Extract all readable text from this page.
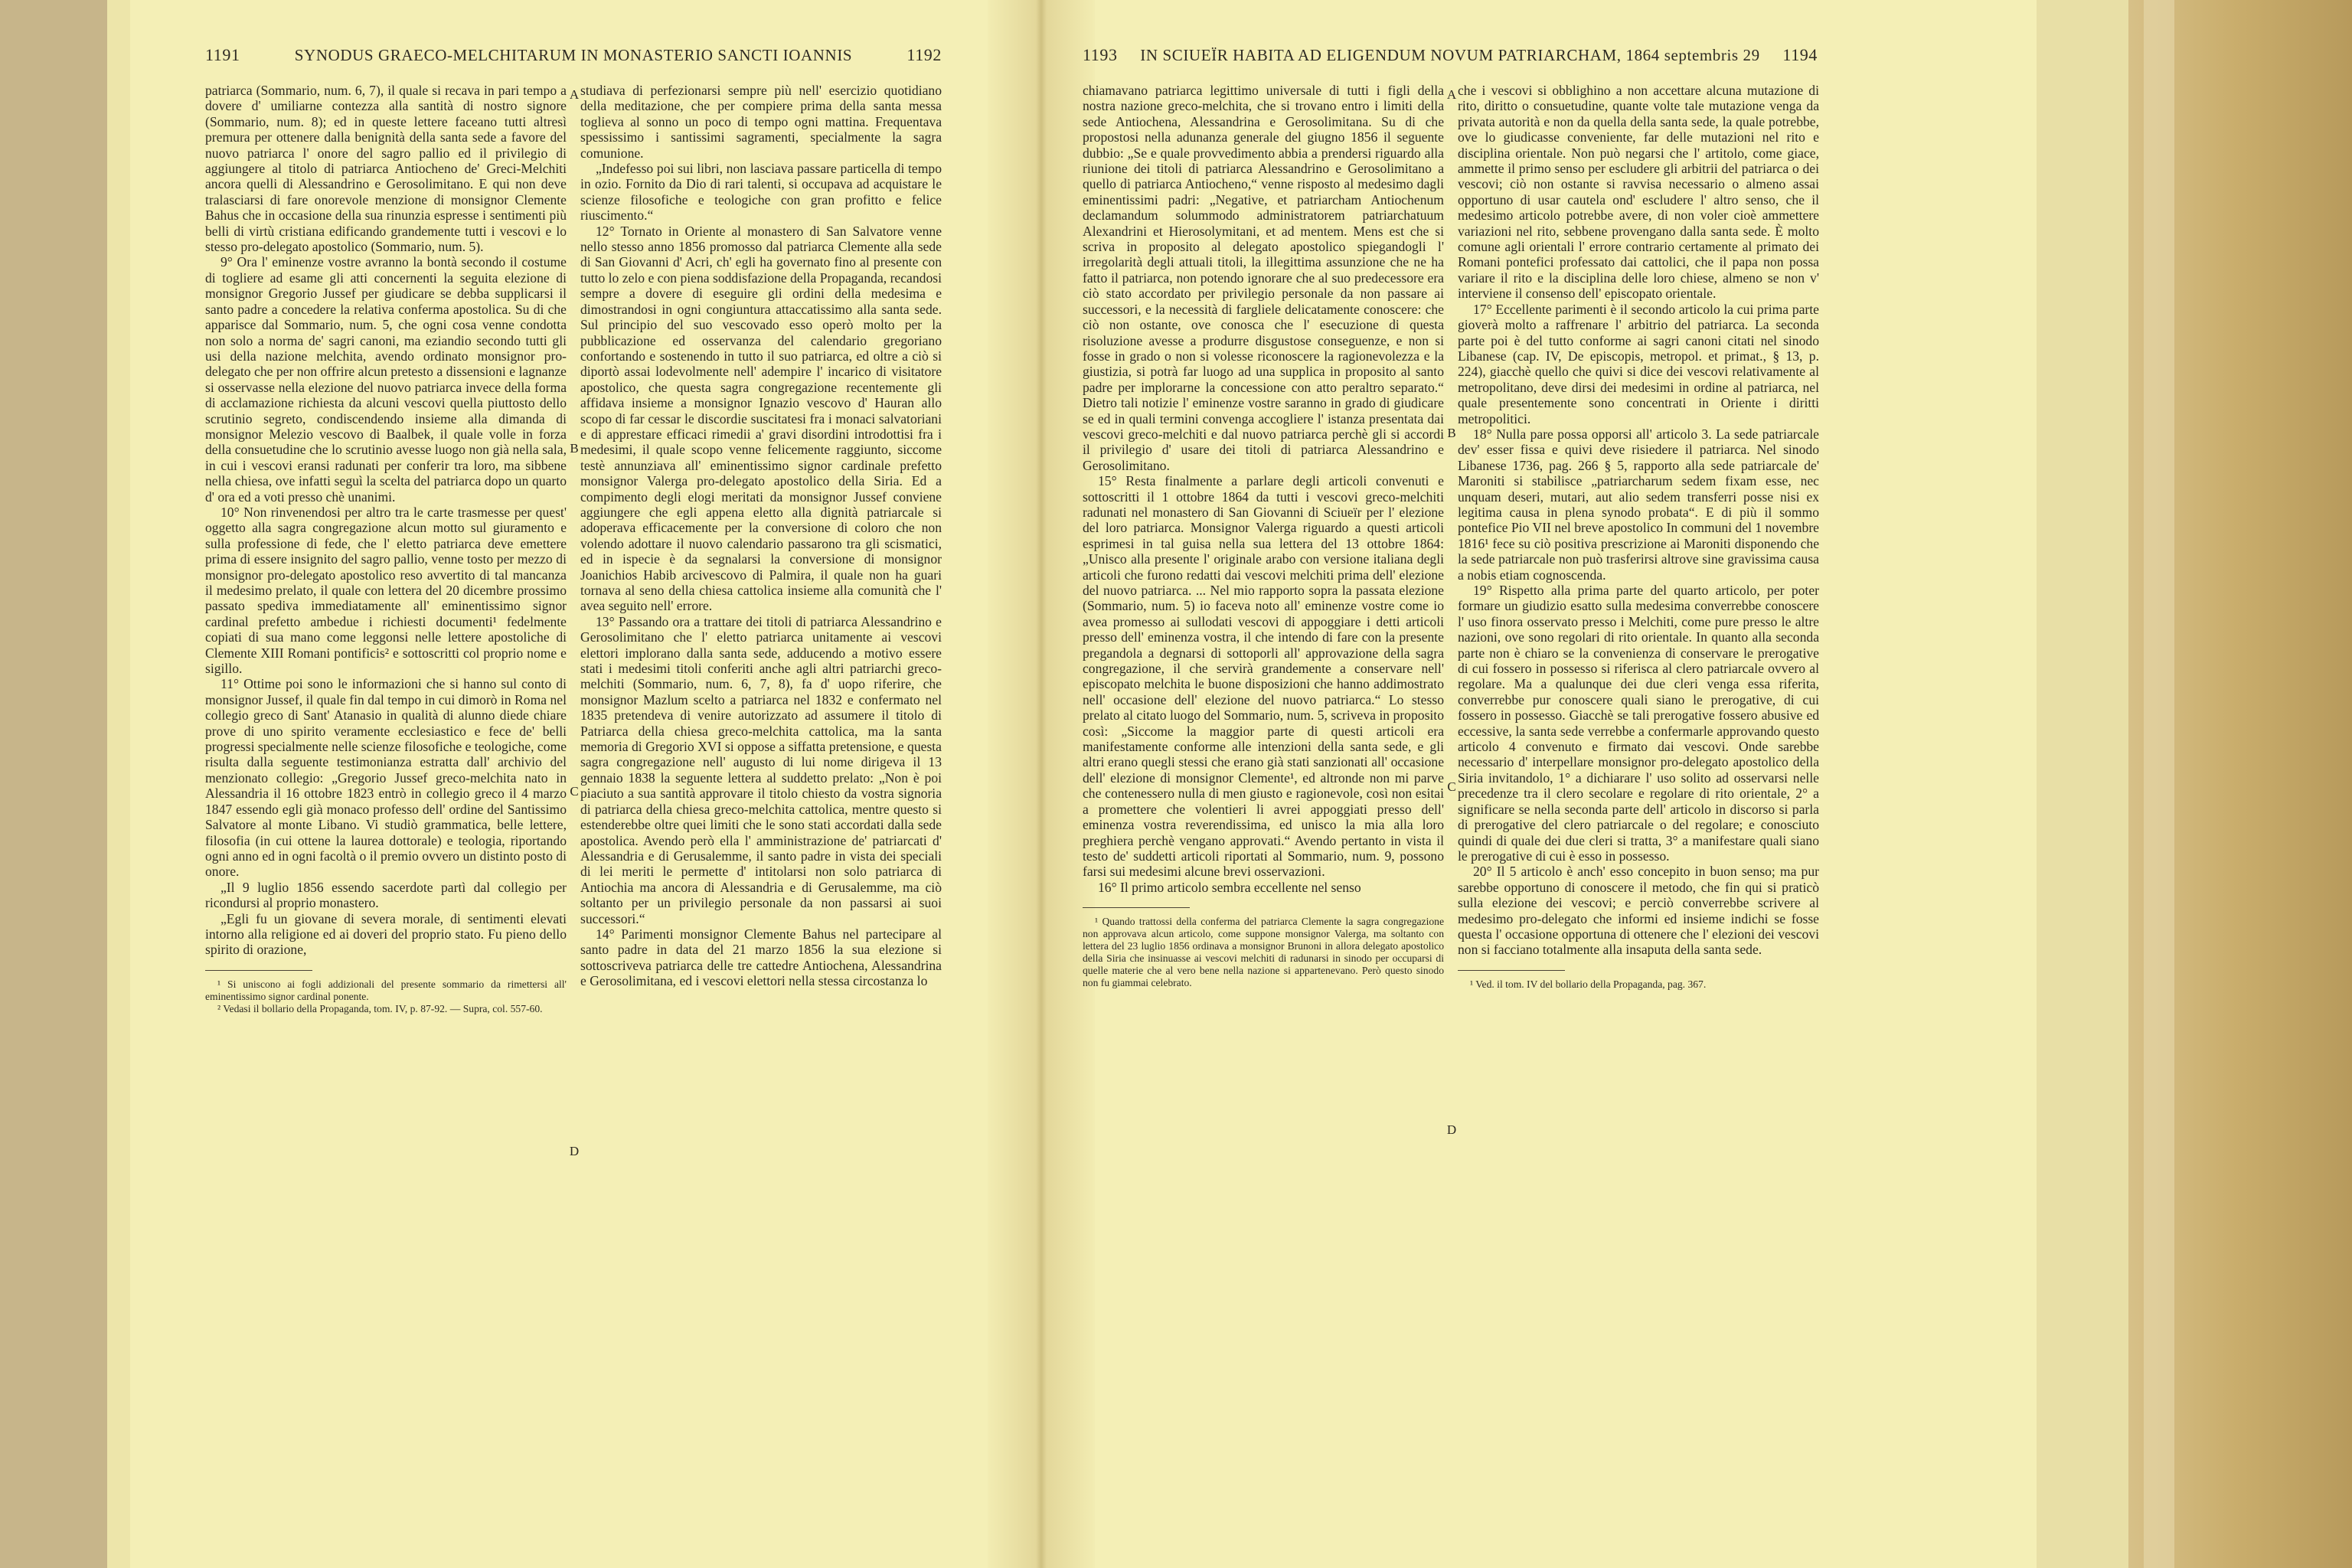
1191	SYNODUS GRAECO-MELCHITARUM IN MONASTERIO SANCTI IOANNIS	1192	1193	IN SCIUEÏR HABITA AD ELIGENDUM NOVUM PATRIARCHAM, 1864 septembris 29	1194

patriarca (Sommario, num. 6, 7), il quale si recava in pari tempo a dovere d' umiliarne contezza alla santità di nostro signore (Sommario, num. 8); ed in queste lettere faceano tutti altresì premura per ottenere dalla benignità della santa sede a favore del nuovo patriarca l' onore del sagro pallio ed il privilegio di aggiungere al titolo di patriarca Antiocheno de' Greci-Melchiti ancora quelli di Alessandrino e Gerosolimitano. E qui non deve tralasciarsi di fare onorevole menzione di monsignor Clemente Bahus che in occasione della sua rinunzia espresse i sentimenti più belli di virtù cristiana edificando grandemente tutti i vescovi e lo stesso pro-delegato apostolico (Sommario, num. 5).

9° Ora l' eminenze vostre avranno la bontà secondo il costume di togliere ad esame gli atti concernenti la seguita elezione di monsignor Gregorio Jussef per giudicare se debba supplicarsi il santo padre a concedere la relativa conferma apostolica. Su di che apparisce dal Sommario, num. 5, che ogni cosa venne condotta non solo a norma de' sagri canoni, ma eziandio secondo tutti gli usi della nazione melchita, avendo ordinato monsignor pro-delegato che per non offrire alcun pretesto a dissensioni e lagnanze si osservasse nella elezione del nuovo patriarca invece della forma di acclamazione richiesta da alcuni vescovi quella piuttosto dello scrutinio segreto, condiscendendo insieme alla dimanda di monsignor Melezio vescovo di Baalbek, il quale volle in forza della consuetudine che lo scrutinio avesse luogo non già nella sala, in cui i vescovi eransi radunati per conferir tra loro, ma sibbene nella chiesa, ove infatti seguì la scelta del patriarca dopo un quarto d' ora ed a voti presso chè unanimi.

10° Non rinvenendosi per altro tra le carte trasmesse per quest' oggetto alla sagra congregazione alcun motto sul giuramento e sulla professione di fede, che l' eletto patriarca deve emettere prima di essere insignito del sagro pallio, venne tosto per mezzo di monsignor pro-delegato apostolico reso avvertito di tal mancanza il medesimo prelato, il quale con lettera del 20 dicembre prossimo passato spediva immediatamente all' eminentissimo signor cardinal prefetto ambedue i richiesti documenti¹ fedelmente copiati di sua mano come leggonsi nelle lettere apostoliche di Clemente XIII Romani pontificis² e sottoscritti col proprio nome e sigillo.

11° Ottime poi sono le informazioni che si hanno sul conto di monsignor Jussef, il quale fin dal tempo in cui dimorò in Roma nel collegio greco di Sant' Atanasio in qualità di alunno diede chiare prove di uno spirito veramente ecclesiastico e fece de' belli progressi specialmente nelle scienze filosofiche e teologiche, come risulta dalla seguente testimonianza estratta dall' archivio del menzionato collegio: „Gregorio Jussef greco-melchita nato in Alessandria il 16 ottobre 1823 entrò in collegio greco il 4 marzo 1847 essendo egli già monaco professo dell' ordine del Santissimo Salvatore al monte Libano. Vi studiò grammatica, belle lettere, filosofia (in cui ottene la laurea dottorale) e teologia, riportando ogni anno ed in ogni facoltà o il premio ovvero un distinto posto di onore.

„Il 9 luglio 1856 essendo sacerdote partì dal collegio per ricondursi al proprio monastero.

„Egli fu un giovane di severa morale, di sentimenti elevati intorno alla religione ed ai doveri del proprio stato. Fu pieno dello spirito di orazione,

¹ Si uniscono ai fogli addizionali del presente sommario da rimettersi all' eminentissimo signor cardinal ponente.

² Vedasi il bollario della Propaganda, tom. IV, p. 87-92. — Supra, col. 557-60.

studiava di perfezionarsi sempre più nell' esercizio quotidiano della meditazione, che per compiere prima della santa messa toglieva al sonno un poco di tempo ogni mattina. Frequentava spessissimo i santissimi sagramenti, specialmente la sagra comunione.

„Indefesso poi sui libri, non lasciava passare particella di tempo in ozio. Fornito da Dio di rari talenti, si occupava ad acquistare le scienze filosofiche e teologiche con gran profitto e felice riuscimento.“

12° Tornato in Oriente al monastero di San Salvatore venne nello stesso anno 1856 promosso dal patriarca Clemente alla sede di San Giovanni d' Acri, ch' egli ha governato fino al presente con tutto lo zelo e con piena soddisfazione della Propaganda, recandosi sempre a dovere di eseguire gli ordini della medesima e dimostrandosi in ogni congiuntura attaccatissimo alla santa sede. Sul principio del suo vescovado esso operò molto per la pubblicazione ed osservanza del calendario gregoriano confortando e sostenendo in tutto il suo patriarca, ed oltre a ciò si diportò assai lodevolmente nell' adempire l' incarico di visitatore apostolico, che questa sagra congregazione recentemente gli affidava insieme a monsignor Ignazio vescovo d' Hauran allo scopo di far cessar le discordie suscitatesi fra i monaci salvatoriani e di apprestare efficaci rimedii a' gravi disordini introdottisi fra i medesimi, il quale scopo venne felicemente raggiunto, siccome testè annunziava all' eminentissimo signor cardinale prefetto monsignor Valerga pro-delegato apostolico della Siria. Ed a compimento degli elogi meritati da monsignor Jussef conviene aggiungere che egli appena eletto alla dignità patriarcale si adoperava efficacemente per la conversione di coloro che non volendo adottare il nuovo calendario passarono tra gli scismatici, ed in ispecie è da segnalarsi la conversione di monsignor Joanichios Habib arcivescovo di Palmira, il quale non ha guari tornava al seno della chiesa cattolica insieme alla comunità che l' avea seguito nell' errore.

13° Passando ora a trattare dei titoli di patriarca Alessandrino e Gerosolimitano che l' eletto patriarca unitamente ai vescovi elettori implorano dalla santa sede, adducendo a motivo essere stati i medesimi titoli conferiti anche agli altri patriarchi greco-melchiti (Sommario, num. 6, 7, 8), fa d' uopo riferire, che monsignor Mazlum scelto a patriarca nel 1832 e confermato nel 1835 pretendeva di venire autorizzato ad assumere il titolo di Patriarca della chiesa greco-melchita cattolica, ma la santa memoria di Gregorio XVI si oppose a siffatta pretensione, e questa sagra congregazione nell' augusto di lui nome dirigeva il 13 gennaio 1838 la seguente lettera al suddetto prelato: „Non è poi piaciuto a sua santità approvare il titolo chiesto da vostra signoria di patriarca della chiesa greco-melchita cattolica, mentre questo si estenderebbe oltre quei limiti che le sono stati accordati dalla sede apostolica. Avendo però ella l' amministrazione de' patriarcati d' Alessandria e di Gerusalemme, il santo padre in vista dei speciali di lei meriti le permette d' intitolarsi non solo patriarca di Antiochia ma ancora di Alessandria e di Gerusalemme, ma ciò soltanto per un privilegio personale da non passarsi ai suoi successori.“

14° Parimenti monsignor Clemente Bahus nel partecipare al santo padre in data del 21 marzo 1856 la sua elezione si sottoscriveva patriarca delle tre cattedre Antiochena, Alessandrina e Gerosolimitana, ed i vescovi elettori nella stessa circostanza lo

chiamavano patriarca legittimo universale di tutti i figli della nostra nazione greco-melchita, che si trovano entro i limiti della sede Antiochena, Alessandrina e Gerosolimitana. Su di che propostosi nella adunanza generale del giugno 1856 il seguente dubbio: „Se e quale provvedimento abbia a prendersi riguardo alla riunione dei titoli di patriarca Alessandrino e Gerosolimitano a quello di patriarca Antiocheno,“ venne risposto al medesimo dagli eminentissimi padri: „Negative, et patriarcham Antiochenum declamandum solummodo administratorem patriarchatuum Alexandrini et Hierosolymitani, et ad mentem. Mens est che si scriva in proposito al delegato apostolico spiegandogli l' irregolarità degli attuali titoli, la illegittima assunzione che ne ha fatto il patriarca, non potendo ignorare che al suo predecessore era ciò stato accordato per privilegio personale da non passare ai successori, e la necessità di fargliele delicatamente conoscere: che ciò non ostante, ove conosca che l' esecuzione di questa risoluzione avesse a produrre disgustose conseguenze, e non si fosse in grado o non si volesse riconoscere la ragionevolezza e la giustizia, si potrà far luogo ad una supplica in proposito al santo padre per implorarne la concessione con atto peraltro separato.“ Dietro tali notizie l' eminenze vostre saranno in grado di giudicare se ed in quali termini convenga accogliere l' istanza presentata dai vescovi greco-melchiti e dal nuovo patriarca perchè gli si accordi il privilegio d' usare dei titoli di patriarca Alessandrino e Gerosolimitano.

15° Resta finalmente a parlare degli articoli convenuti e sottoscritti il 1 ottobre 1864 da tutti i vescovi greco-melchiti radunati nel monastero di San Giovanni di Sciueïr per l' elezione del loro patriarca. Monsignor Valerga riguardo a questi articoli esprimesi in tal guisa nella sua lettera del 13 ottobre 1864: „Unisco alla presente l' originale arabo con versione italiana degli articoli che furono redatti dai vescovi melchiti prima dell' elezione del nuovo patriarca. ... Nel mio rapporto sopra la passata elezione (Sommario, num. 5) io faceva noto all' eminenze vostre come io avea promesso ai sullodati vescovi di appoggiare i detti articoli presso dell' eminenza vostra, il che intendo di fare con la presente pregandola a degnarsi di sottoporli all' approvazione della sagra congregazione, il che servirà grandemente a conservare nell' episcopato melchita le buone disposizioni che hanno addimostrato nell' occasione dell' elezione del nuovo patriarca.“ Lo stesso prelato al citato luogo del Sommario, num. 5, scriveva in proposito così: „Siccome la maggior parte di questi articoli era manifestamente conforme alle intenzioni della santa sede, e gli altri erano quegli stessi che erano già stati sanzionati all' occasione dell' elezione di monsignor Clemente¹, ed altronde non mi parve che contenessero nulla di men giusto e ragionevole, così non esitai a promettere che volentieri li avrei appoggiati presso dell' eminenza vostra reverendissima, ed unisco la mia alla loro preghiera perchè vengano approvati.“ Avendo pertanto in vista il testo de' suddetti articoli riportati al Sommario, num. 9, possono farsi sui medesimi alcune brevi osservazioni.

16° Il primo articolo sembra eccellente nel senso

¹ Quando trattossi della conferma del patriarca Clemente la sagra congregazione non approvava alcun articolo, come suppone monsignor Valerga, ma soltanto con lettera del 23 luglio 1856 ordinava a monsignor Brunoni in allora delegato apostolico della Siria che insinuasse ai vescovi melchiti di radunarsi in sinodo per occuparsi di quelle materie che al vero bene nella nazione si appartenevano. Però questo sinodo non fu giammai celebrato.

che i vescovi si obblighino a non accettare alcuna mutazione di rito, diritto o consuetudine, quante volte tale mutazione venga da privata autorità e non da quella della santa sede, la quale potrebbe, ove lo giudicasse conveniente, far delle mutazioni nel rito e disciplina orientale. Non può negarsi che l' artitolo, come giace, ammette il primo senso per escludere gli arbitrii del patriarca o dei vescovi; ciò non ostante si ravvisa necessario o almeno assai opportuno di usar cautela ond' escludere l' altro senso, che il medesimo articolo potrebbe avere, di non voler cioè ammettere variazioni nel rito, sebbene provengano dalla santa sede. È molto comune agli orientali l' errore contrario certamente al primato dei Romani pontefici professato dai cattolici, che il papa non possa variare il rito e la disciplina delle loro chiese, almeno se non v' interviene il consenso dell' episcopato orientale.

17° Eccellente parimenti è il secondo articolo la cui prima parte gioverà molto a raffrenare l' arbitrio del patriarca. La seconda parte poi è del tutto conforme ai sagri canoni citati nel sinodo Libanese (cap. IV, De episcopis, metropol. et primat., § 13, p. 224), giacchè quello che quivi si dice dei vescovi relativamente al metropolitano, deve dirsi dei medesimi in ordine al patriarca, nel quale presentemente sono concentrati in Oriente i diritti metropolitici.

18° Nulla pare possa opporsi all' articolo 3. La sede patriarcale dev' esser fissa e quivi deve risiedere il patriarca. Nel sinodo Libanese 1736, pag. 266 § 5, rapporto alla sede patriarcale de' Maroniti si stabilisce „patriarcharum sedem fixam esse, nec unquam deseri, mutari, aut alio sedem transferri posse nisi ex legitima causa in plena synodo probata“. E di più il sommo pontefice Pio VII nel breve apostolico In communi del 1 novembre 1816¹ fece su ciò positiva prescrizione ai Maroniti disponendo che la sede patriarcale non può trasferirsi altrove sine gravissima causa a nobis etiam cognoscenda.

19° Rispetto alla prima parte del quarto articolo, per poter formare un giudizio esatto sulla medesima converrebbe conoscere l' uso finora osservato presso i Melchiti, come pure presso le altre nazioni, ove sono regolari di rito orientale. In quanto alla seconda parte non è chiaro se la convenienza di conservare le prerogative di cui fossero in possesso si riferisca al clero patriarcale ovvero al regolare. Ma a qualunque dei due cleri venga essa riferita, converrebbe pur conoscere quali siano le prerogative, di cui fossero in possesso. Giacchè se tali prerogative fossero abusive ed eccessive, la santa sede verrebbe a confermarle approvando questo articolo 4 convenuto e firmato dai vescovi. Onde sarebbe necessario d' interpellare monsignor pro-delegato apostolico della Siria invitandolo, 1° a dichiarare l' uso solito ad osservarsi nelle precedenze tra il clero secolare e regolare di rito orientale, 2° a significare se nella seconda parte dell' articolo in discorso si parla di prerogative del clero patriarcale o del regolare; e conosciuto quindi di quale dei due cleri si tratta, 3° a manifestare quali siano le prerogative di cui è esso in possesso.

20° Il 5 articolo è anch' esso concepito in buon senso; ma pur sarebbe opportuno di conoscere il metodo, che fin qui si praticò sulla elezione dei vescovi; e perciò converrebbe scrivere al medesimo pro-delegato che informi ed insieme indichi se fosse questa l' occasione opportuna di ottenere che l' elezioni dei vescovi non si facciano totalmente alla insaputa della santa sede.

¹ Ved. il tom. IV del bollario della Propaganda, pag. 367.

A
B
C
D
A
B
C
D
